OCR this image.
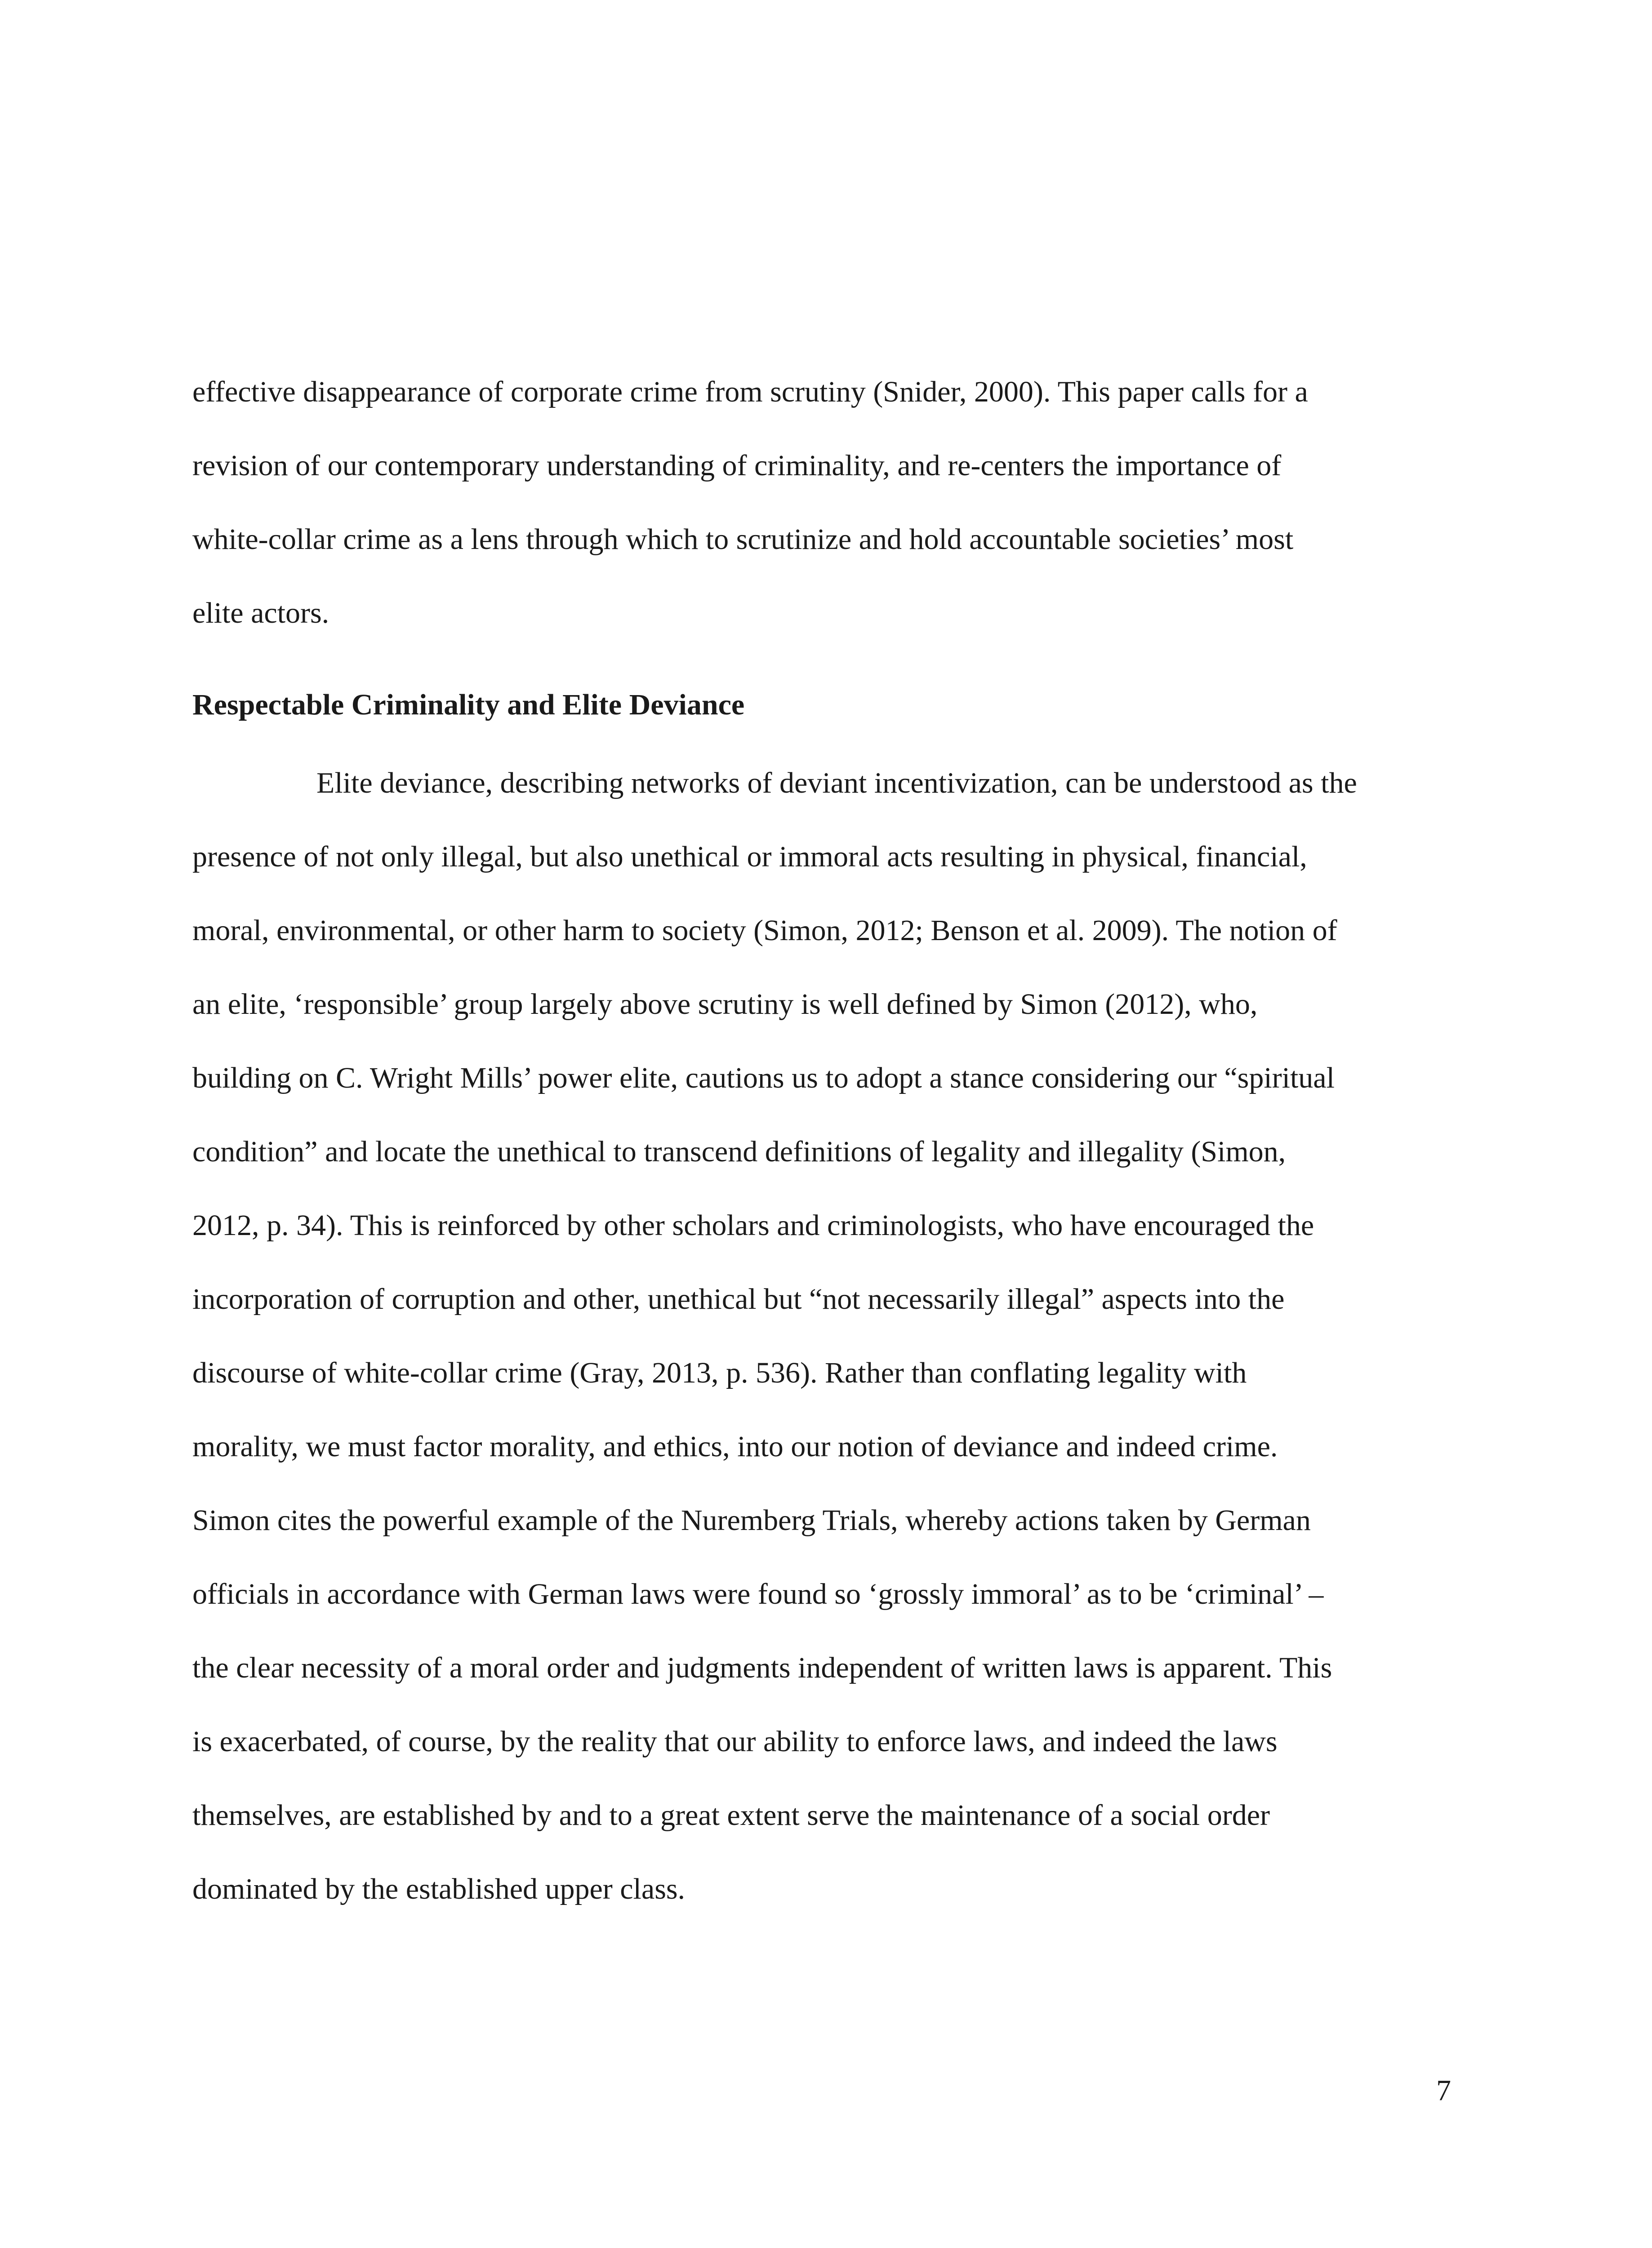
effective disappearance of corporate crime from scrutiny (Snider, 2000). This paper calls for a
revision of our contemporary understanding of criminality, and re-centers the importance of
white-collar crime as a lens through which to scrutinize and hold accountable societies’ most
elite actors.
Respectable Criminality and Elite Deviance
Elite deviance, describing networks of deviant incentivization, can be understood as the
presence of not only illegal, but also unethical or immoral acts resulting in physical, financial,
moral, environmental, or other harm to society (Simon, 2012; Benson et al. 2009). The notion of
an elite, ‘responsible’ group largely above scrutiny is well defined by Simon (2012), who,
building on C. Wright Mills’ power elite, cautions us to adopt a stance considering our “spiritual
condition” and locate the unethical to transcend definitions of legality and illegality (Simon,
2012, p. 34). This is reinforced by other scholars and criminologists, who have encouraged the
incorporation of corruption and other, unethical but “not necessarily illegal” aspects into the
discourse of white-collar crime (Gray, 2013, p. 536). Rather than conflating legality with
morality, we must factor morality, and ethics, into our notion of deviance and indeed crime.
Simon cites the powerful example of the Nuremberg Trials, whereby actions taken by German
officials in accordance with German laws were found so ‘grossly immoral’ as to be ‘criminal’ –
the clear necessity of a moral order and judgments independent of written laws is apparent. This
is exacerbated, of course, by the reality that our ability to enforce laws, and indeed the laws
themselves, are established by and to a great extent serve the maintenance of a social order
dominated by the established upper class.
7
